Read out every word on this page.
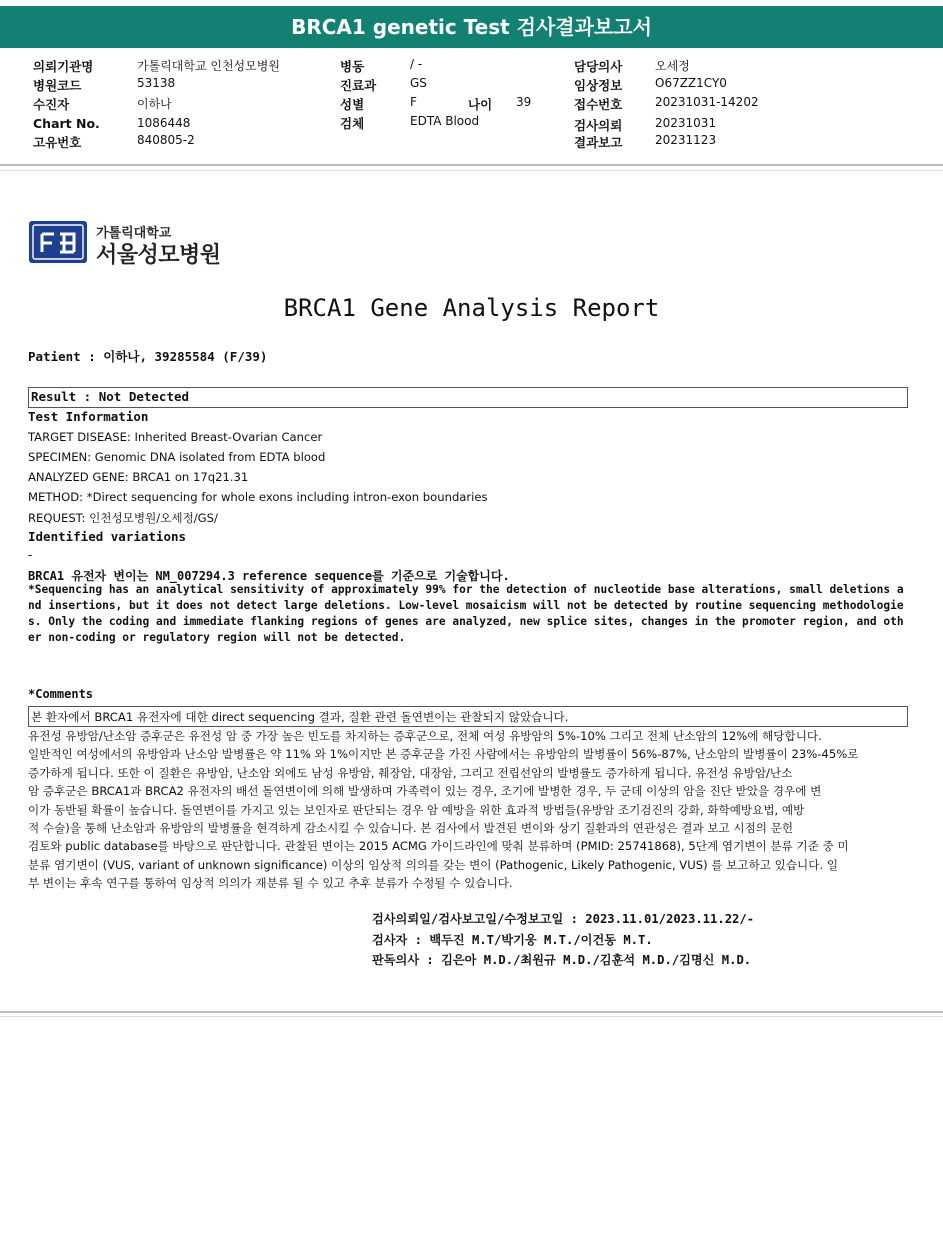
BRCA1 genetic Test 검사결과보고서
의뢰기관명	가톨릭대학교 인천성모병원
병원코드	53138
수진자	이하나
Chart No.	1086448
고유번호	840805-2
병동	/ -
진료과	GS
성별	F	나이 39
검체	EDTA Blood
담당의사	오세정
임상정보	O67ZZ1CY0
접수번호	20231031-14202
검사의뢰	20231031
결과보고	20231123
가톨릭대학교
서울성모병원
BRCA1 Gene Analysis Report
Patient : 이하나, 39285584 (F/39)
Result : Not Detected
Test Information
TARGET DISEASE: Inherited Breast-Ovarian Cancer
SPECIMEN: Genomic DNA isolated from EDTA blood
ANALYZED GENE: BRCA1 on 17q21.31
METHOD: *Direct sequencing for whole exons including intron-exon boundaries
REQUEST: 인천성모병원/오세정/GS/
Identified variations
-
BRCA1 유전자 변이는 NM_007294.3 reference sequence를 기준으로 기술합니다.
*Sequencing has an analytical sensitivity of approximately 99% for the detection of nucleotide base alterations, small deletions and insertions, but it does not detect large deletions. Low-level mosaicism will not be detected by routine sequencing methodologies. Only the coding and immediate flanking regions of genes are analyzed, new splice sites, changes in the promoter region, and other non-coding or regulatory region will not be detected.
*Comments
본 환자에서 BRCA1 유전자에 대한 direct sequencing 결과, 질환 관련 돌연변이는 관찰되지 않았습니다.
유전성 유방암/난소암 증후군은 유전성 암 중 가장 높은 빈도를 차지하는 증후군으로, 전체 여성 유방암의 5%-10% 그리고 전체 난소암의 12%에 해당합니다.
일반적인 여성에서의 유방암과 난소암 발병률은 약 11% 와 1%이지만 본 증후군을 가진 사람에서는 유방암의 발병률이 56%-87%, 난소암의 발병률이 23%-45%로
증가하게 됩니다. 또한 이 질환은 유방암, 난소암 외에도 남성 유방암, 췌장암, 대장암, 그리고 전립선암의 발병률도 증가하게 됩니다. 유전성 유방암/난소
암 증후군은 BRCA1과 BRCA2 유전자의 배선 돌연변이에 의해 발생하며 가족력이 있는 경우, 조기에 발병한 경우, 두 군데 이상의 암을 진단 받았을 경우에 변
이가 동반될 확률이 높습니다. 돌연변이를 가지고 있는 보인자로 판단되는 경우 암 예방을 위한 효과적 방법들(유방암 조기검진의 강화, 화학예방요법, 예방
적 수술)을 통해 난소암과 유방암의 발병률을 현격하게 감소시킬 수 있습니다. 본 검사에서 발견된 변이와 상기 질환과의 연관성은 결과 보고 시점의 문헌
검토와 public database를 바탕으로 판단합니다. 관찰된 변이는 2015 ACMG 가이드라인에 맞춰 분류하며 (PMID: 25741868), 5단계 염기변이 분류 기준 중 미
분류 염기변이 (VUS, variant of unknown significance) 이상의 임상적 의의를 갖는 변이 (Pathogenic, Likely Pathogenic, VUS) 를 보고하고 있습니다. 일
부 변이는 후속 연구를 통하여 임상적 의의가 재분류 될 수 있고 추후 분류가 수정될 수 있습니다.
검사의뢰일/검사보고일/수정보고일 : 2023.11.01/2023.11.22/-
검사자 : 백두진 M.T/박기웅 M.T./이건동 M.T.
판독의사 : 김은아 M.D./최원규 M.D./김훈석 M.D./김명신 M.D.
